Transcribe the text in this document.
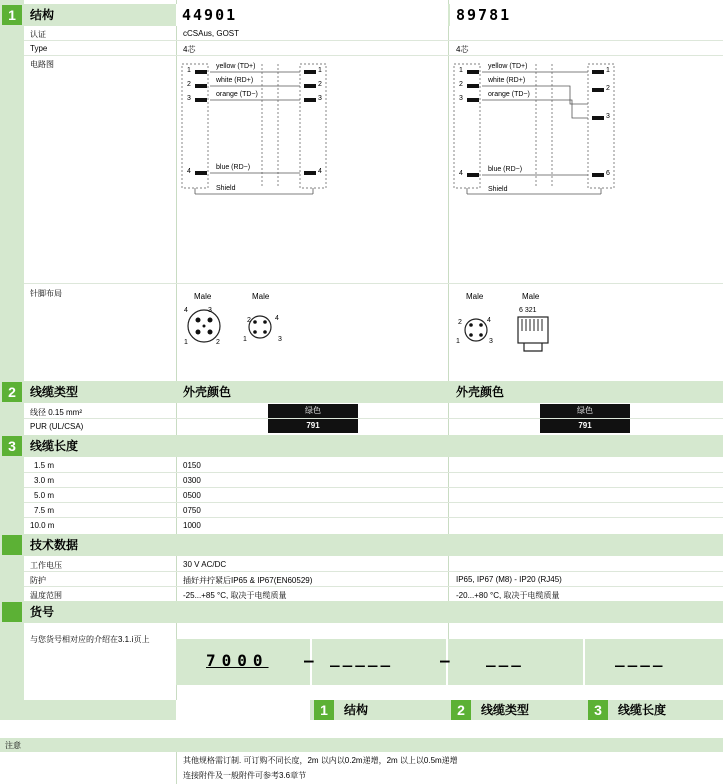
1	结构	44901	89781
认证	cCSAus, GOST
Type	4芯	4芯
电路图
1
2
3
4
1
2
3
4
yellow (TD+)
white (RD+)
orange (TD−)
blue (RD−)
Shield
1
2
3
4
1
2
3
6
yellow (TD+)
white (RD+)
orange (TD−)
blue (RD−)
Shield
针脚布局	Male	Male
4	3
1	2
2	4
1	3
Male	Male
6 321
2	4
1	3
2	线缆类型	外壳颜色	外壳颜色
线径 0.15 mm²	绿色	绿色
PUR (UL/CSA)	791	791
3	线缆长度
1.5 m	0150
3.0 m	0300
5.0 m	0500
7.5 m	0750
10.0 m	1000
技术数据
工作电压	30 V AC/DC
防护	插好并拧紧后IP65 & IP67(EN60529)	IP65, IP67 (M8) - IP20 (RJ45)
温度范围	-25...+85 °C, 取决于电缆质量	-20...+80 °C, 取决于电缆质量
货号
与您货号相对应的介绍在3.1.ⅰ页上
7000 – _____	– ___	____
1	结构	2	线缆类型	3	线缆长度
注意
其他规格需订制. 可订购不同长度，2m 以内以0.2m递增，2m 以上以0.5m递增
连接附件及一般附件可参考3.6章节
